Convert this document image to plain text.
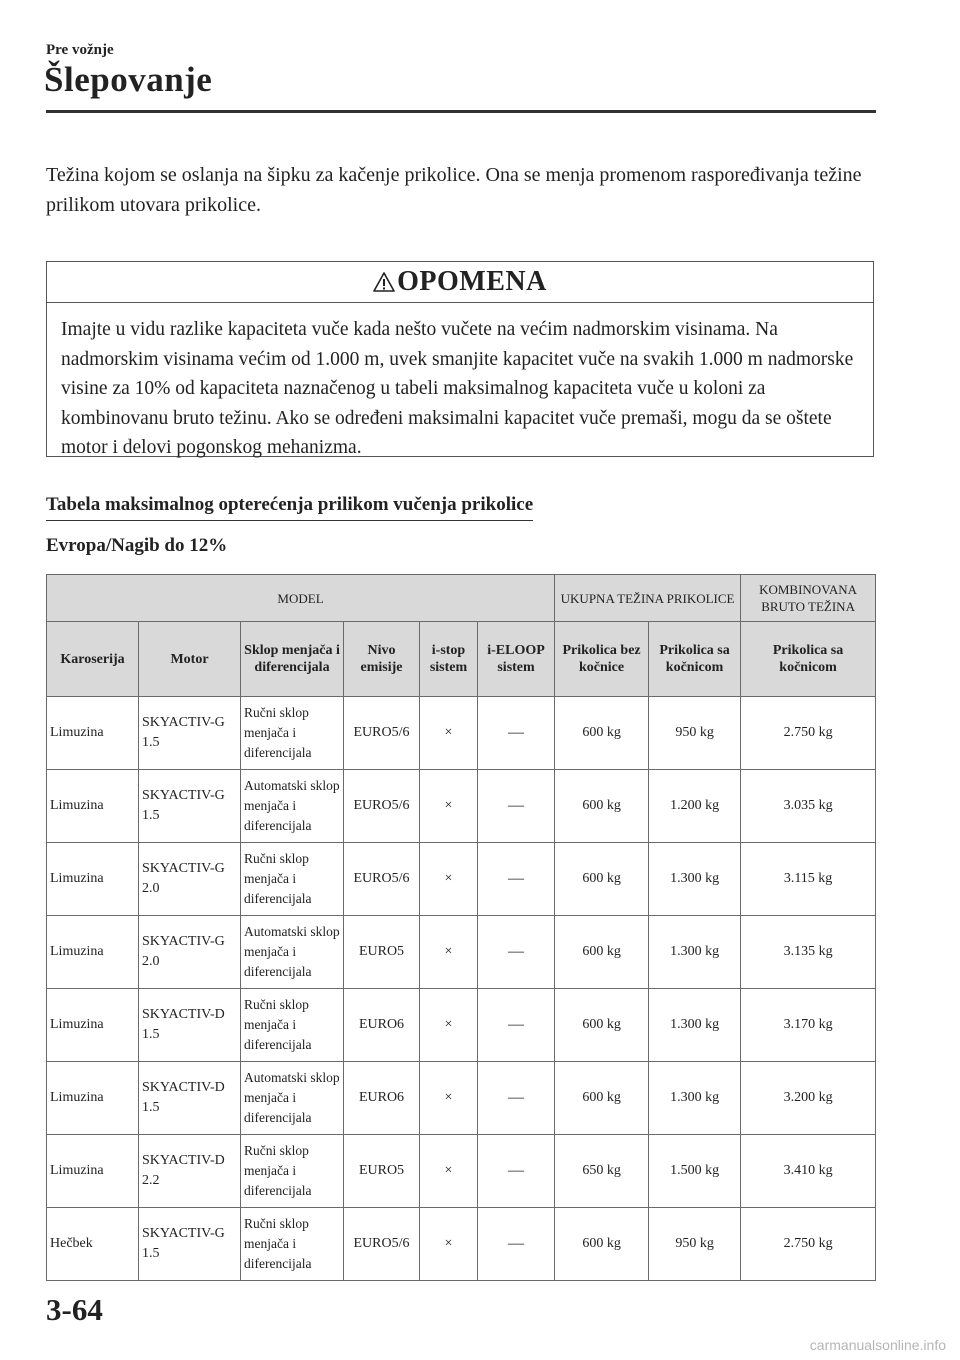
Pre vožnje
Šlepovanje

Težina kojom se oslanja na šipku za kačenje prikolice. Ona se menja promenom raspoređivanja težine prilikom utovara prikolice.

OPOMENA

Imajte u vidu razlike kapaciteta vuče kada nešto vučete na većim nadmorskim visinama. Na nadmorskim visinama većim od 1.000 m, uvek smanjite kapacitet vuče na svakih 1.000 m nadmorske visine za 10% od kapaciteta naznačenog u tabeli maksimalnog kapaciteta vuče u koloni za kombinovanu bruto težinu. Ako se određeni maksimalni kapacitet vuče premaši, mogu da se oštete motor i delovi pogonskog mehanizma.

Tabela maksimalnog opterećenja prilikom vučenja prikolice
Evropa/Nagib do 12%
MODEL						UKUPNA TEŽINA PRIKOLICE		KOMBINOVANA BRUTO TEŽINA
Karoserija	Motor	Sklop menjača i diferencijala	Nivo emisije	i-stop sistem	i-ELOOP sistem	Prikolica bez kočnice	Prikolica sa kočnicom	Prikolica sa kočnicom
Limuzina	SKYACTIV-G 1.5	Ručni sklop menjača i diferencijala	EURO5/6	×	—	600 kg	950 kg	2.750 kg
Limuzina	SKYACTIV-G 1.5	Automatski sklop menjača i diferencijala	EURO5/6	×	—	600 kg	1.200 kg	3.035 kg
Limuzina	SKYACTIV-G 2.0	Ručni sklop menjača i diferencijala	EURO5/6	×	—	600 kg	1.300 kg	3.115 kg
Limuzina	SKYACTIV-G 2.0	Automatski sklop menjača i diferencijala	EURO5	×	—	600 kg	1.300 kg	3.135 kg
Limuzina	SKYACTIV-D 1.5	Ručni sklop menjača i diferencijala	EURO6	×	—	600 kg	1.300 kg	3.170 kg
Limuzina	SKYACTIV-D 1.5	Automatski sklop menjača i diferencijala	EURO6	×	—	600 kg	1.300 kg	3.200 kg
Limuzina	SKYACTIV-D 2.2	Ručni sklop menjača i diferencijala	EURO5	×	—	650 kg	1.500 kg	3.410 kg
Hečbek	SKYACTIV-G 1.5	Ručni sklop menjača i diferencijala	EURO5/6	×	—	600 kg	950 kg	2.750 kg
3-64
carmanualsonline.info
